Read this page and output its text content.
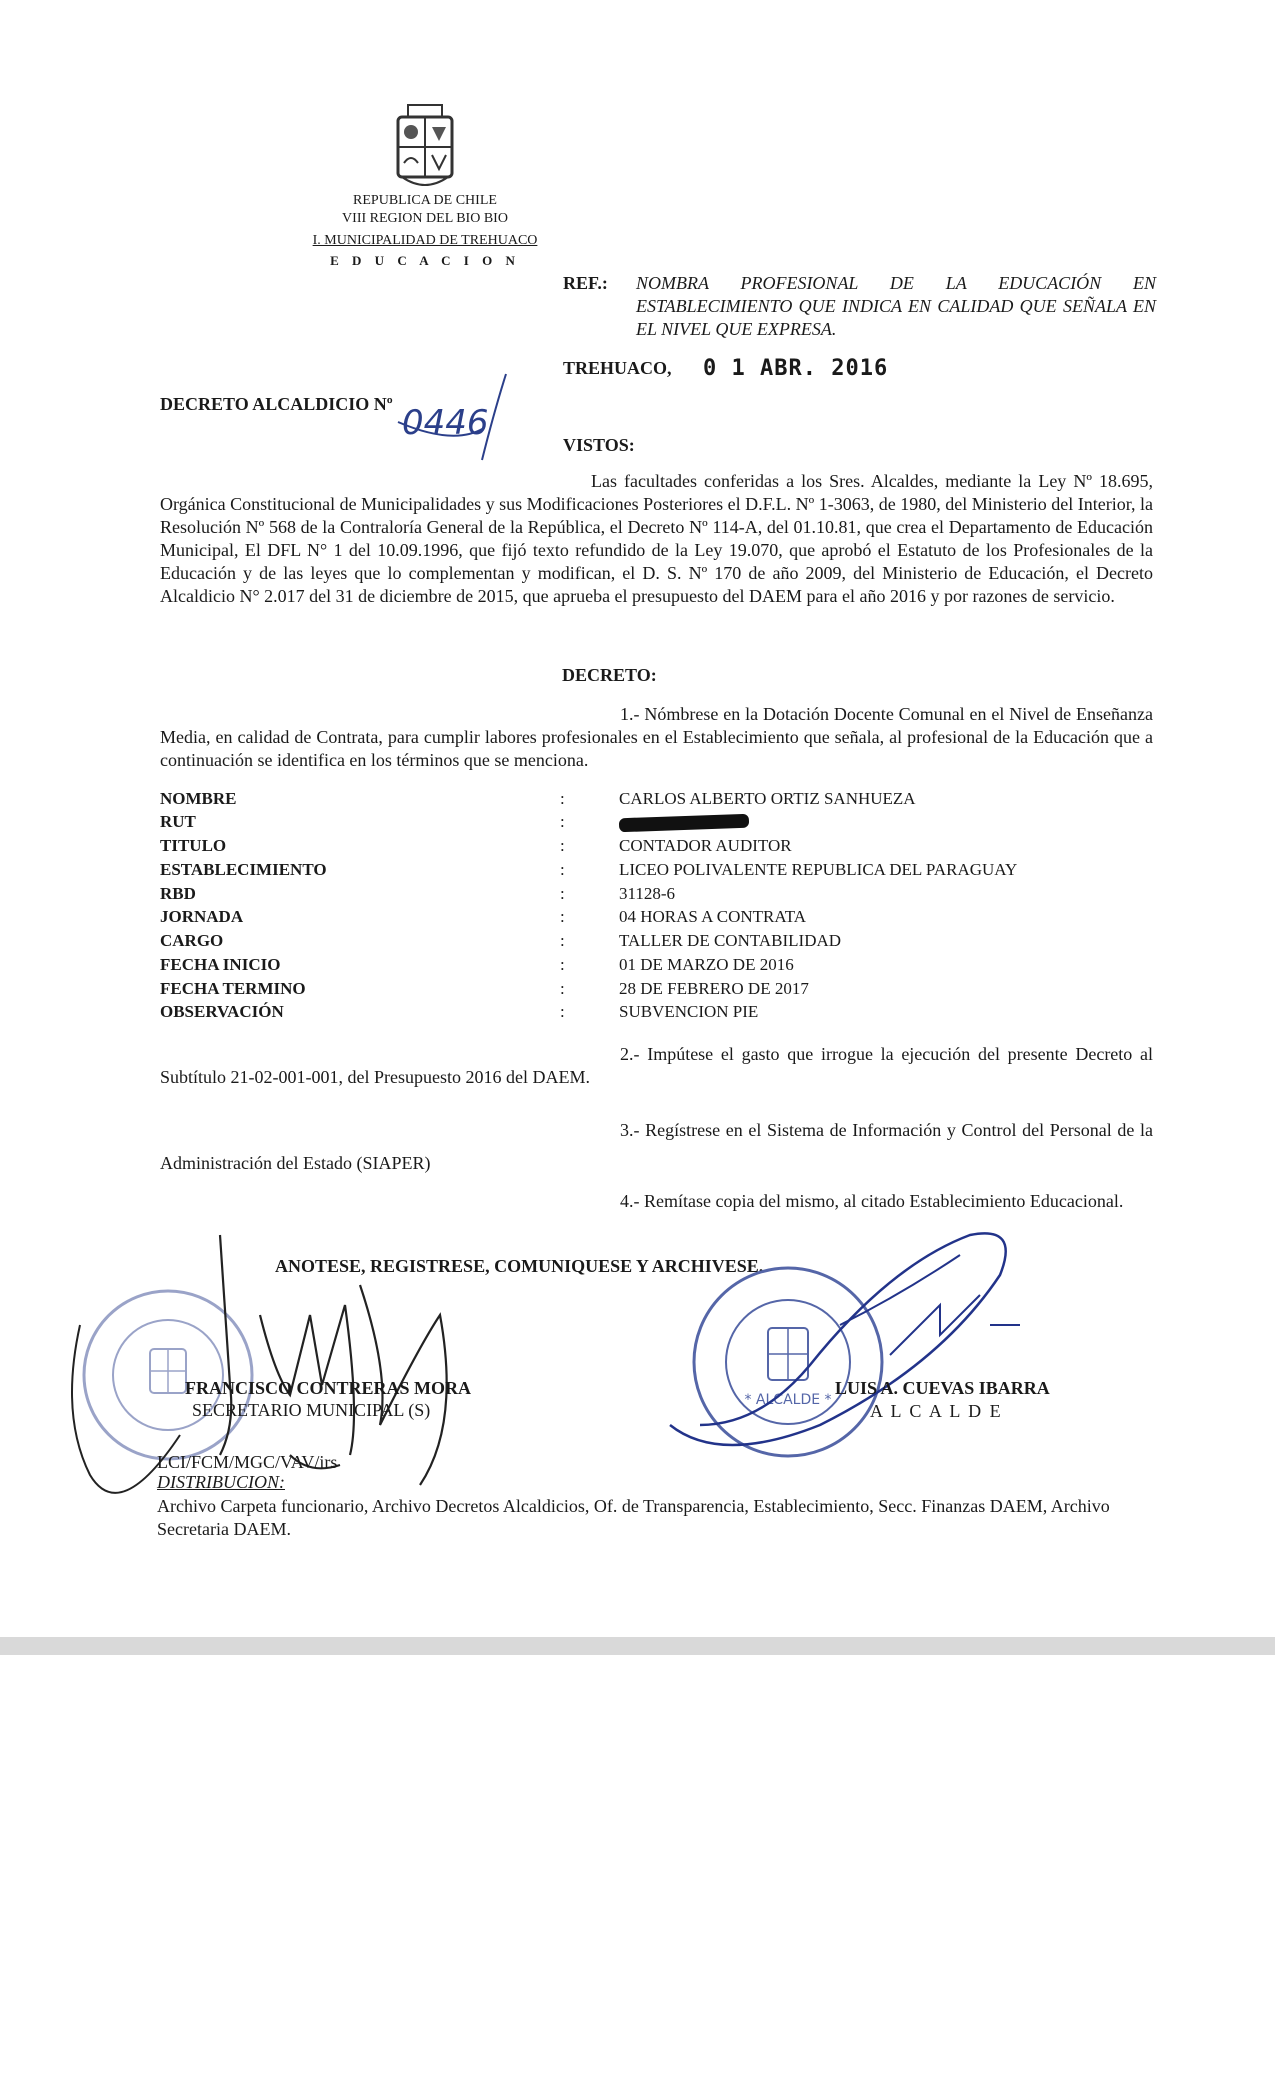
REPUBLICA DE CHILE
VIII REGION DEL BIO BIO
I. MUNICIPALIDAD DE TREHUACO
E D U C A C I O N
REF.: NOMBRA PROFESIONAL DE LA EDUCACIÓN EN ESTABLECIMIENTO QUE INDICA EN CALIDAD QUE SEÑALA EN EL NIVEL QUE EXPRESA.
TREHUACO, 0 1 ABR. 2016
DECRETO ALCALDICIO Nº 0446
VISTOS:
Las facultades conferidas a los Sres. Alcaldes, mediante la Ley Nº 18.695, Orgánica Constitucional de Municipalidades y sus Modificaciones Posteriores el D.F.L. Nº 1-3063, de 1980, del Ministerio del Interior, la Resolución Nº 568 de la Contraloría General de la República, el Decreto Nº 114-A, del 01.10.81, que crea el Departamento de Educación Municipal, El DFL N° 1 del 10.09.1996, que fijó texto refundido de la Ley 19.070, que aprobó el Estatuto de los Profesionales de la Educación y de las leyes que lo complementan y modifican, el D. S. Nº 170 de año 2009, del Ministerio de Educación, el Decreto Alcaldicio N° 2.017 del 31 de diciembre de 2015, que aprueba el presupuesto del DAEM para el año 2016 y por razones de servicio.
DECRETO:
1.- Nómbrese en la Dotación Docente Comunal en el Nivel de Enseñanza Media, en calidad de Contrata, para cumplir labores profesionales en el Establecimiento que señala, al profesional de la Educación que a continuación se identifica en los términos que se menciona.
NOMBRE	:	CARLOS ALBERTO ORTIZ SANHUEZA
RUT	:
TITULO	:	CONTADOR AUDITOR
ESTABLECIMIENTO	:	LICEO POLIVALENTE REPUBLICA DEL PARAGUAY
RBD	:	31128-6
JORNADA	:	04 HORAS A CONTRATA
CARGO	:	TALLER DE CONTABILIDAD
FECHA INICIO	:	01 DE MARZO DE 2016
FECHA TERMINO	:	28 DE FEBRERO DE 2017
OBSERVACIÓN	:	SUBVENCION PIE
2.- Impútese el gasto que irrogue la ejecución del presente Decreto al Subtítulo 21-02-001-001, del Presupuesto 2016 del DAEM.
3.- Regístrese en el Sistema de Información y Control del Personal de la Administración del Estado (SIAPER)
4.- Remítase copia del mismo, al citado Establecimiento Educacional.
ANOTESE, REGISTRESE, COMUNIQUESE Y ARCHIVESE.
* ALCALDE *
FRANCISCO CONTRERAS MORA
SECRETARIO MUNICIPAL (S)
LUIS A. CUEVAS IBARRA
A L C A L D E
LCI/FCM/MGC/VAV/irs
DISTRIBUCION:
Archivo Carpeta funcionario, Archivo Decretos Alcaldicios, Of. de Transparencia, Establecimiento, Secc. Finanzas DAEM, Archivo Secretaria DAEM.
